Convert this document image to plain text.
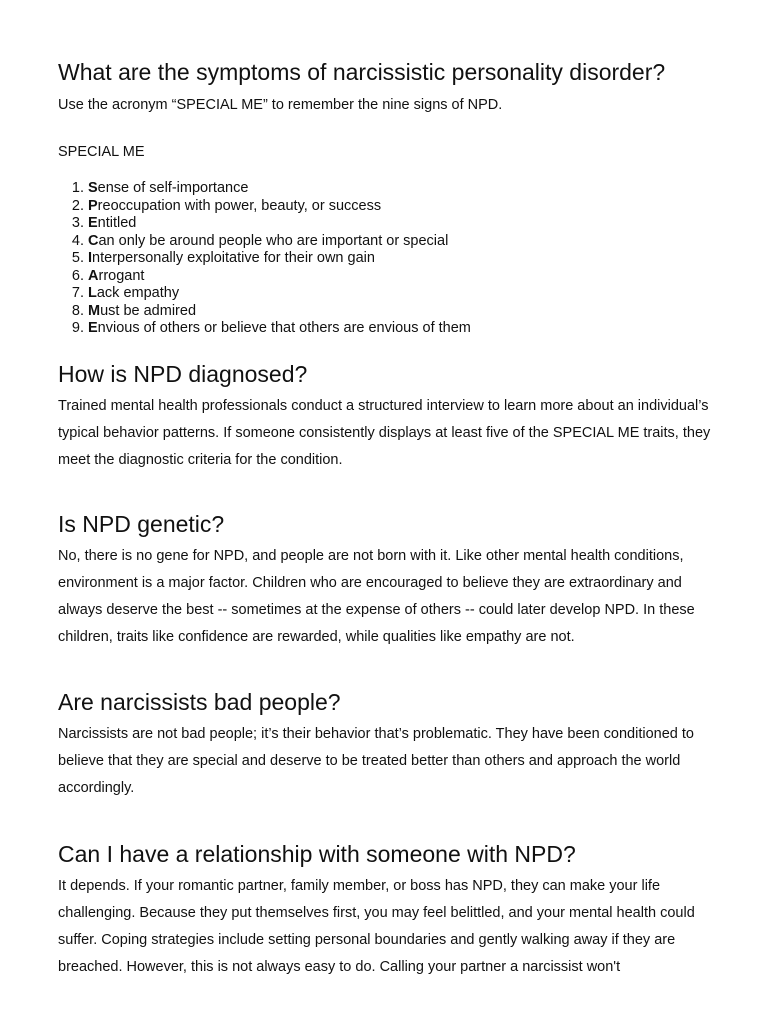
What are the symptoms of narcissistic personality disorder?

Use the acronym “SPECIAL ME” to remember the nine signs of NPD.

SPECIAL ME

1. Sense of self-importance
2. Preoccupation with power, beauty, or success
3. Entitled
4. Can only be around people who are important or special
5. Interpersonally exploitative for their own gain
6. Arrogant
7. Lack empathy
8. Must be admired
9. Envious of others or believe that others are envious of them
How is NPD diagnosed?

Trained mental health professionals conduct a structured interview to learn more about an individual’s typical behavior patterns. If someone consistently displays at least five of the SPECIAL ME traits, they meet the diagnostic criteria for the condition.

Is NPD genetic?

No, there is no gene for NPD, and people are not born with it. Like other mental health conditions, environment is a major factor. Children who are encouraged to believe they are extraordinary and always deserve the best -- sometimes at the expense of others -- could later develop NPD. In these children, traits like confidence are rewarded, while qualities like empathy are not.

Are narcissists bad people?

Narcissists are not bad people; it’s their behavior that’s problematic. They have been conditioned to believe that they are special and deserve to be treated better than others and approach the world accordingly.

Can I have a relationship with someone with NPD?

It depends. If your romantic partner, family member, or boss has NPD, they can make your life challenging. Because they put themselves first, you may feel belittled, and your mental health could suffer. Coping strategies include setting personal boundaries and gently walking away if they are breached. However, this is not always easy to do. Calling your partner a narcissist won't
